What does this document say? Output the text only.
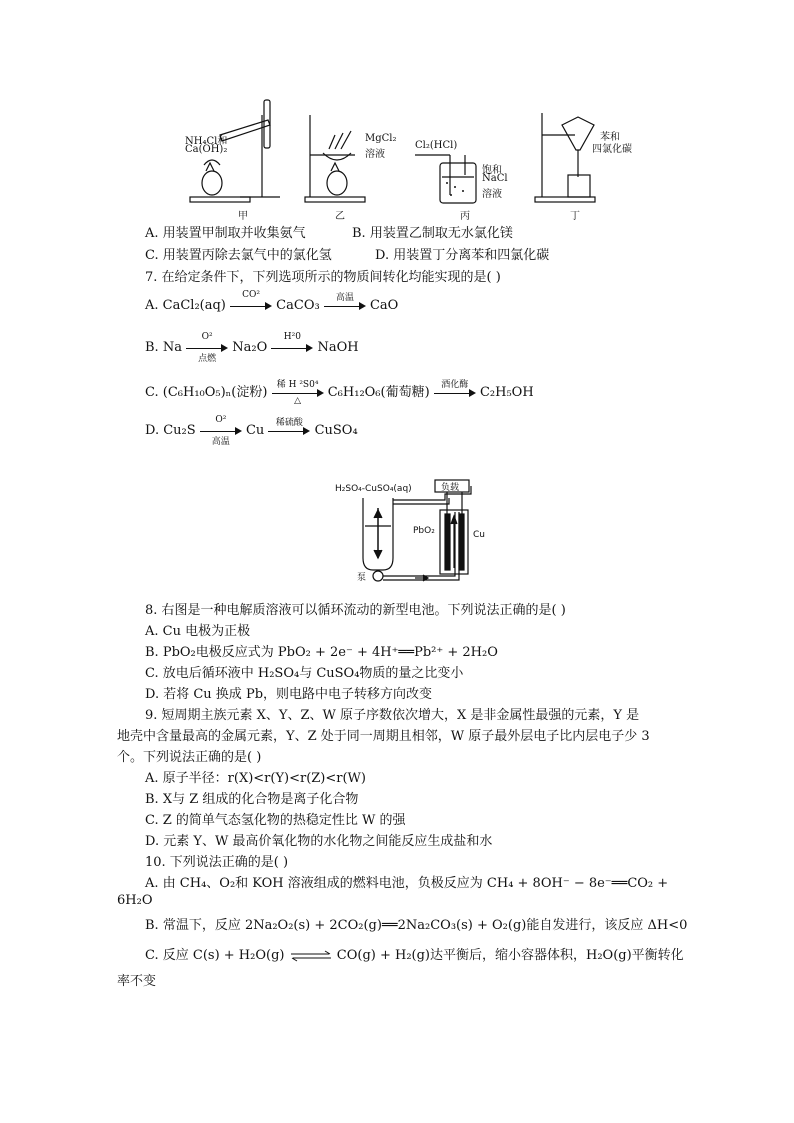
NH₄Cl和
Ca(OH)₂
MgCl₂
溶液
Cl₂(HCl)
饱和
NaCl
溶液
苯和
四氯化碳
甲	乙	丙	丁
A. 用装置甲制取并收集氨气	B. 用装置乙制取无水氯化镁
C. 用装置丙除去氯气中的氯化氢	D. 用装置丁分离苯和四氯化碳
7. 在给定条件下，下列选项所示的物质间转化均能实现的是( )
A. CaCl₂(aq)
CO²
CaCO₃
高温
CaO
B. Na
O²
点燃
Na₂O
H²0
NaOH
C. (C₆H₁₀O₅)ₙ(淀粉)
稀 H ²S0⁴
△
C₆H₁₂O₆(葡萄糖)
酒化酶
C₂H₅OH
D. Cu₂S
O²
高温
Cu
稀硫酸
CuSO₄
H₂SO₄-CuSO₄(aq)	负载
PbO₂	Cu
泵
8. 右图是一种电解质溶液可以循环流动的新型电池。下列说法正确的是( )
A. Cu 电极为正极
B. PbO₂电极反应式为 PbO₂ + 2e⁻ + 4H⁺══Pb²⁺ + 2H₂O
C. 放电后循环液中 H₂SO₄与 CuSO₄物质的量之比变小
D. 若将 Cu 换成 Pb，则电路中电子转移方向改变
9. 短周期主族元素 X、Y、Z、W 原子序数依次增大，X 是非金属性最强的元素，Y 是
地壳中含量最高的金属元素，Y、Z 处于同一周期且相邻，W 原子最外层电子比内层电子少 3
个。下列说法正确的是( )
A. 原子半径：r(X)<r(Y)<r(Z)<r(W)
B. X与 Z 组成的化合物是离子化合物
C. Z 的简单气态氢化物的热稳定性比 W 的强
D. 元素 Y、W 最高价氧化物的水化物之间能反应生成盐和水
10. 下列说法正确的是( )
A. 由 CH₄、O₂和 KOH 溶液组成的燃料电池，负极反应为 CH₄ + 8OH⁻ − 8e⁻══CO₂ +
6H₂O
B. 常温下，反应 2Na₂O₂(s) + 2CO₂(g)══2Na₂CO₃(s) + O₂(g)能自发进行，该反应 ΔH<0
C. 反应 C(s) + H₂O(g) ⇌ CO(g) + H₂(g)达平衡后，缩小容器体积，H₂O(g)平衡转化
率不变
